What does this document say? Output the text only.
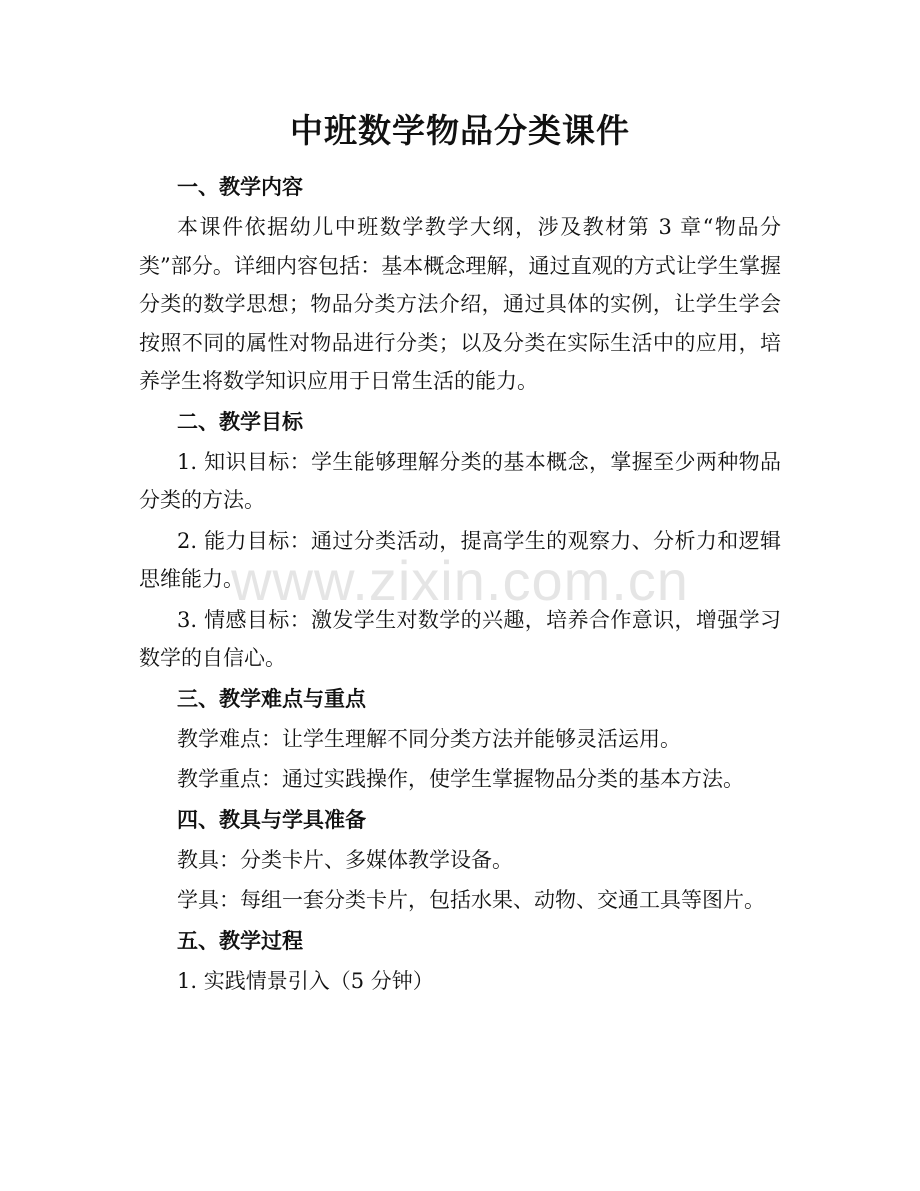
中班数学物品分类课件
一、教学内容

本课件依据幼儿中班数学教学大纲，涉及教材第 3 章“物品分类”部分。详细内容包括：基本概念理解，通过直观的方式让学生掌握分类的数学思想；物品分类方法介绍，通过具体的实例，让学生学会按照不同的属性对物品进行分类；以及分类在实际生活中的应用，培养学生将数学知识应用于日常生活的能力。

二、教学目标

1. 知识目标：学生能够理解分类的基本概念，掌握至少两种物品分类的方法。

2. 能力目标：通过分类活动，提高学生的观察力、分析力和逻辑思维能力。

3. 情感目标：激发学生对数学的兴趣，培养合作意识，增强学习数学的自信心。

三、教学难点与重点

教学难点：让学生理解不同分类方法并能够灵活运用。

教学重点：通过实践操作，使学生掌握物品分类的基本方法。

四、教具与学具准备

教具：分类卡片、多媒体教学设备。

学具：每组一套分类卡片，包括水果、动物、交通工具等图片。

五、教学过程

1. 实践情景引入（5 分钟）

www.zixin.com.cn
